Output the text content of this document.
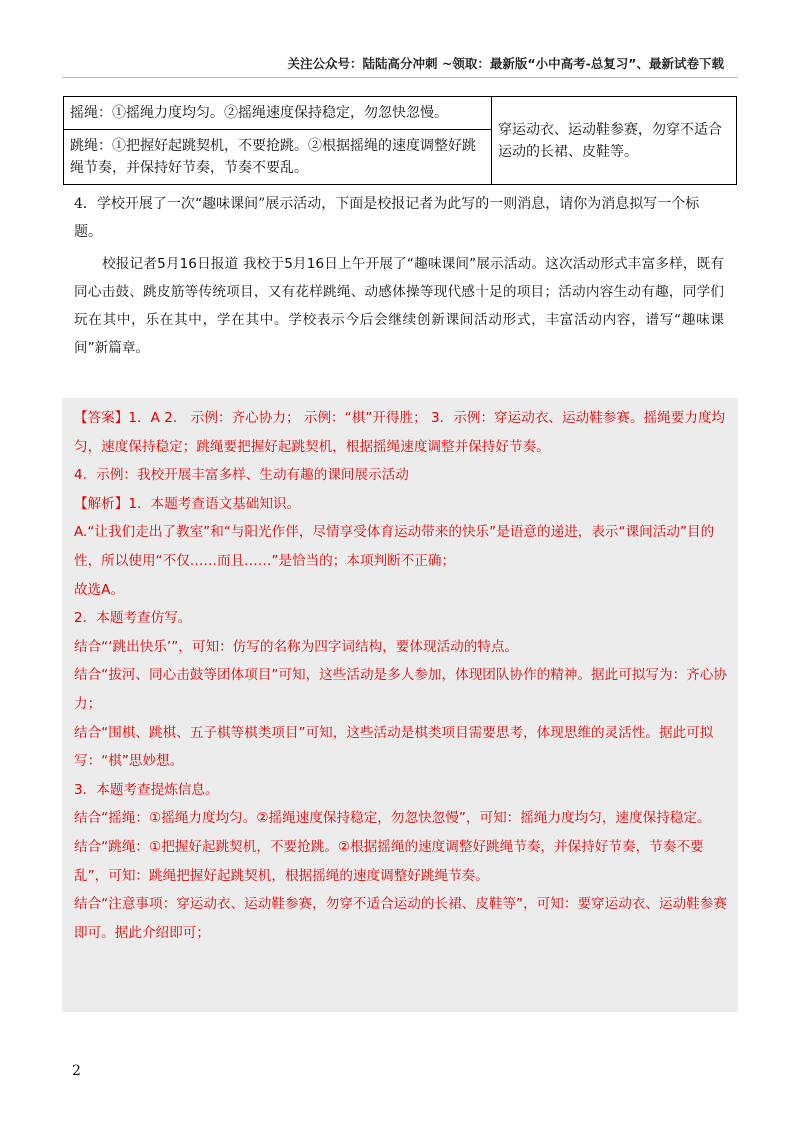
关注公众号：陆陆高分冲刺 ~领取：最新版“小中高考-总复习”、最新试卷下载
摇绳：①摇绳力度均匀。②摇绳速度保持稳定，勿忽快忽慢。	穿运动衣、运动鞋参赛，勿穿不适合运动的长裙、皮鞋等。
跳绳：①把握好起跳契机，不要抢跳。②根据摇绳的速度调整好跳绳节奏，并保持好节奏，节奏不要乱。
4．学校开展了一次“趣味课间”展示活动，下面是校报记者为此写的一则消息，请你为消息拟写一个标题。
校报记者5月16日报道 我校于5月16日上午开展了“趣味课间”展示活动。这次活动形式丰富多样，既有同心击鼓、跳皮筋等传统项目，又有花样跳绳、动感体操等现代感十足的项目；活动内容生动有趣，同学们玩在其中，乐在其中，学在其中。学校表示今后会继续创新课间活动形式，丰富活动内容，谱写“趣味课间”新篇章。

【答案】1．A 2． 示例：齐心协力； 示例：“棋”开得胜； 3．示例：穿运动衣、运动鞋参赛。摇绳要力度均匀，速度保持稳定；跳绳要把握好起跳契机，根据摇绳速度调整并保持好节奏。

4．示例：我校开展丰富多样、生动有趣的课间展示活动

【解析】1．本题考查语文基础知识。

A.“让我们走出了教室”和“与阳光作伴，尽情享受体育运动带来的快乐”是语意的递进，表示“课间活动”目的性，所以使用“不仅……而且……”是恰当的；本项判断不正确；

故选A。

2．本题考查仿写。

结合“‘跳出快乐’”，可知：仿写的名称为四字词结构，要体现活动的特点。

结合“拔河、同心击鼓等团体项目”可知，这些活动是多人参加，体现团队协作的精神。据此可拟写为：齐心协力；

结合“围棋、跳棋、五子棋等棋类项目”可知，这些活动是棋类项目需要思考，体现思维的灵活性。据此可拟写：“棋”思妙想。

3．本题考查提炼信息。

结合“摇绳：①摇绳力度均匀。②摇绳速度保持稳定，勿忽快忽慢”，可知：摇绳力度均匀，速度保持稳定。

结合“跳绳：①把握好起跳契机，不要抢跳。②根据摇绳的速度调整好跳绳节奏，并保持好节奏，节奏不要乱”，可知：跳绳把握好起跳契机，根据摇绳的速度调整好跳绳节奏。

结合“注意事项：穿运动衣、运动鞋参赛，勿穿不适合运动的长裙、皮鞋等”，可知：要穿运动衣、运动鞋参赛即可。据此介绍即可；

2
